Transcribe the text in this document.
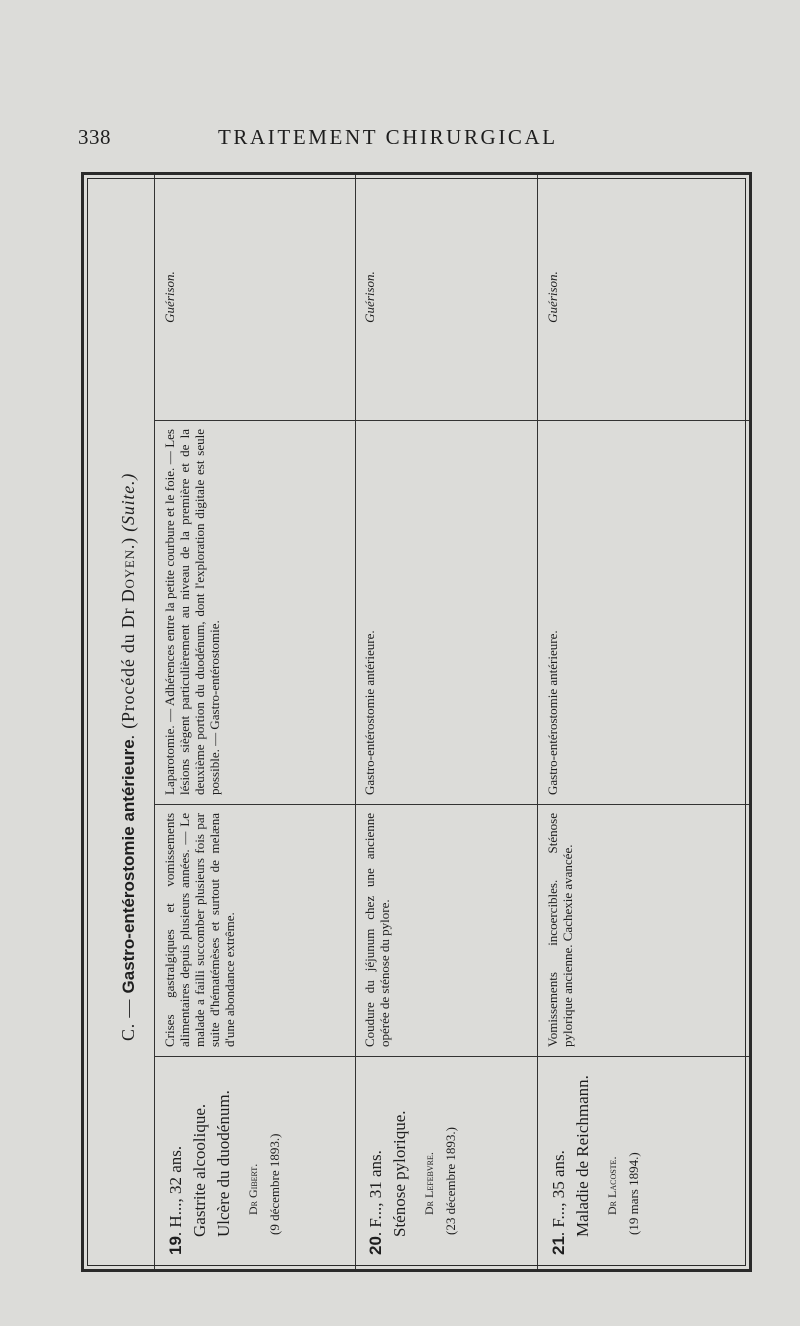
338	TRAITEMENT CHIRURGICAL
C. — Gastro-entérostomie antérieure. (Procédé du Dr Doyen.) (Suite.)
19. H..., 32 ans. Gastrite alcoolique. Ulcère du duodénum. Dr Gibert. (9 décembre 1893.)
Crises gastralgiques et vomissements alimentaires depuis plusieurs années. — Le malade a failli succomber plusieurs fois par suite d'hématémèses et surtout de melæna d'une abondance extrême.
Laparotomie. — Adhérences entre la petite courbure et le foie. — Les lésions siègent particulièrement au niveau de la première et de la deuxième portion du duodénum, dont l'exploration digitale est seule possible. — Gastro-entérostomie.
Guérison.
20. F..., 31 ans. Sténose pylorique. Dr Lefebvre. (23 décembre 1893.)
Coudure du jéjunum chez une ancienne opérée de sténose du pylore.
Gastro-entérostomie antérieure.
Guérison.
21. F..., 35 ans. Maladie de Reichmann. Dr Lacoste. (19 mars 1894.)
Vomissements incoercibles. Sténose pylorique ancienne. Cachexie avancée.
Gastro-entérostomie antérieure.
Guérison.
